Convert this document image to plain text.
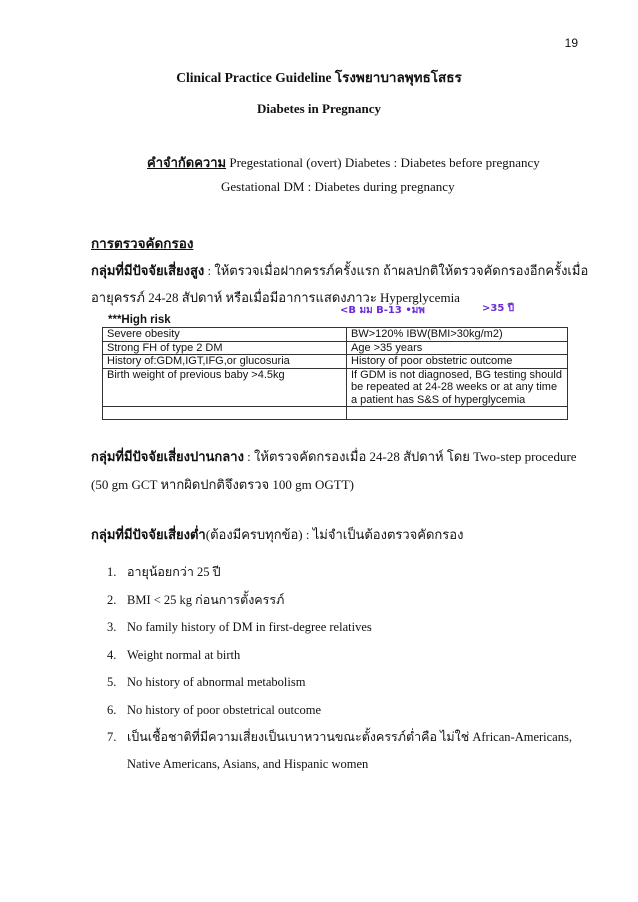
19
Clinical Practice Guideline โรงพยาบาลพุทธโสธร
Diabetes in Pregnancy
คำจำกัดความ Pregestational (overt) Diabetes : Diabetes before pregnancy
Gestational DM : Diabetes during pregnancy
การตรวจคัดกรอง
กลุ่มที่มีปัจจัยเสี่ยงสูง : ให้ตรวจเมื่อฝากครรภ์ครั้งแรก ถ้าผลปกติให้ตรวจคัดกรองอีกครั้งเมื่อ
อายุครรภ์ 24-28 สัปดาห์ หรือเมื่อมีอาการแสดงภาวะ Hyperglycemia
<B มม B-13 •มพ	>35 ปี
***High risk
Severe obesity	BW>120% IBW(BMI>30kg/m2)
Strong FH of type 2 DM	Age >35 years
History of:GDM,IGT,IFG,or glucosuria	History of poor obstetric outcome
Birth weight of previous baby >4.5kg	If GDM is not diagnosed, BG testing should be repeated at 24-28 weeks or at any time a patient has S&S of hyperglycemia

กลุ่มที่มีปัจจัยเสี่ยงปานกลาง : ให้ตรวจคัดกรองเมื่อ 24-28 สัปดาห์ โดย Two-step procedure
(50 gm GCT หากผิดปกติจึงตรวจ 100 gm OGTT)
กลุ่มที่มีปัจจัยเสี่ยงต่ำ(ต้องมีครบทุกข้อ) : ไม่จำเป็นต้องตรวจคัดกรอง
1. อายุน้อยกว่า 25 ปี
2. BMI < 25 kg ก่อนการตั้งครรภ์
3. No family history of DM in first-degree relatives
4. Weight normal at birth
5. No history of abnormal metabolism
6. No history of poor obstetrical outcome
7. เป็นเชื้อชาติที่มีความเสี่ยงเป็นเบาหวานขณะตั้งครรภ์ต่ำคือ ไม่ใช่ African-Americans,
Native Americans, Asians, and Hispanic women
